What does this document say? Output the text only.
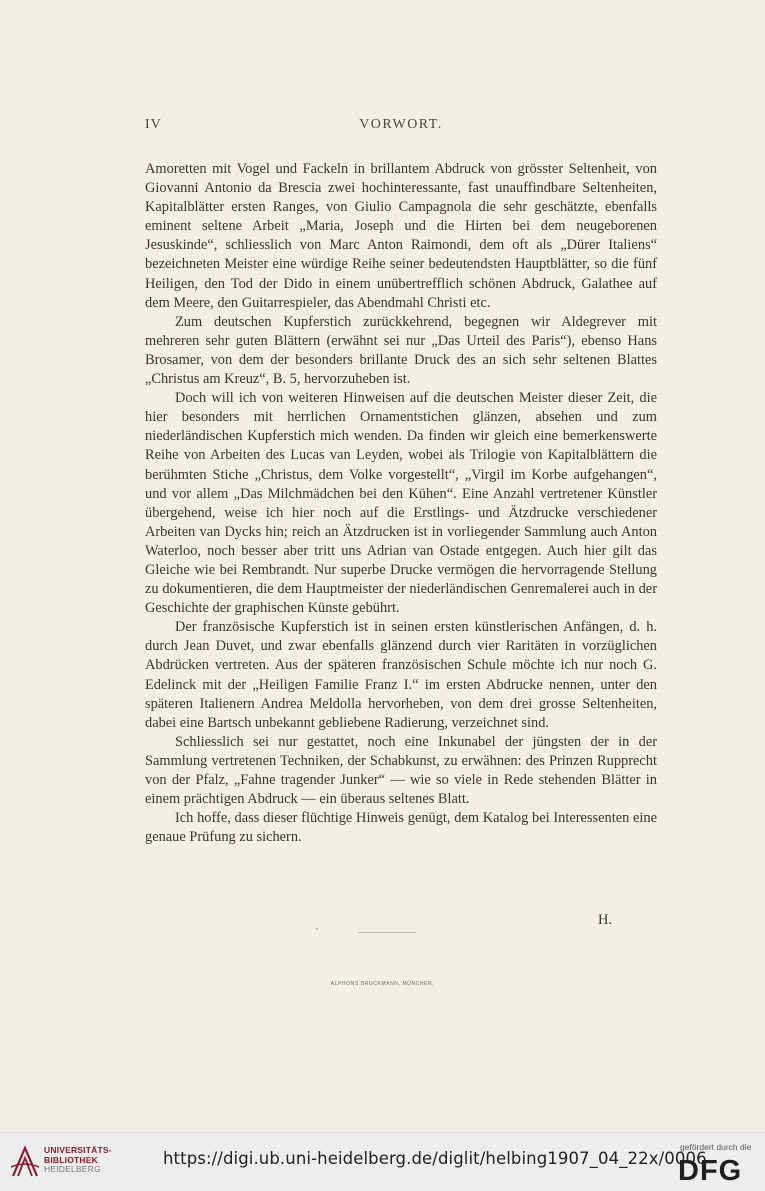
IV	VORWORT.

Amoretten mit Vogel und Fackeln in brillantem Abdruck von grösster Seltenheit, von Giovanni Antonio da Brescia zwei hochinteressante, fast unauffindbare Seltenheiten, Kapitalblätter ersten Ranges, von Giulio Campagnola die sehr geschätzte, ebenfalls eminent seltene Arbeit „Maria, Joseph und die Hirten bei dem neugeborenen Jesuskinde“, schliesslich von Marc Anton Raimondi, dem oft als „Dürer Italiens“ bezeichneten Meister eine würdige Reihe seiner bedeutendsten Hauptblätter, so die fünf Heiligen, den Tod der Dido in einem unübertrefflich schönen Abdruck, Galathee auf dem Meere, den Guitarrespieler, das Abendmahl Christi etc.

Zum deutschen Kupferstich zurückkehrend, begegnen wir Aldegrever mit mehreren sehr guten Blättern (erwähnt sei nur „Das Urteil des Paris“), ebenso Hans Brosamer, von dem der besonders brillante Druck des an sich sehr seltenen Blattes „Christus am Kreuz“, B. 5, hervorzuheben ist.

Doch will ich von weiteren Hinweisen auf die deutschen Meister dieser Zeit, die hier besonders mit herrlichen Ornamentstichen glänzen, absehen und zum niederländischen Kupferstich mich wenden. Da finden wir gleich eine bemerkenswerte Reihe von Arbeiten des Lucas van Leyden, wobei als Trilogie von Kapitalblättern die berühmten Stiche „Christus, dem Volke vorgestellt“, „Virgil im Korbe aufgehangen“, und vor allem „Das Milchmädchen bei den Kühen“. Eine Anzahl vertretener Künstler übergehend, weise ich hier noch auf die Erstlings- und Ätzdrucke verschiedener Arbeiten van Dycks hin; reich an Ätzdrucken ist in vorliegender Sammlung auch Anton Waterloo, noch besser aber tritt uns Adrian van Ostade entgegen. Auch hier gilt das Gleiche wie bei Rembrandt. Nur superbe Drucke vermögen die hervorragende Stellung zu dokumentieren, die dem Hauptmeister der niederländischen Genremalerei auch in der Geschichte der graphischen Künste gebührt.

Der französische Kupferstich ist in seinen ersten künstlerischen Anfängen, d. h. durch Jean Duvet, und zwar ebenfalls glänzend durch vier Raritäten in vorzüglichen Abdrücken vertreten. Aus der späteren französischen Schule möchte ich nur noch G. Edelinck mit der „Heiligen Familie Franz I.“ im ersten Abdrucke nennen, unter den späteren Italienern Andrea Meldolla hervorheben, von dem drei grosse Seltenheiten, dabei eine Bartsch unbekannt gebliebene Radierung, verzeichnet sind.

Schliesslich sei nur gestattet, noch eine Inkunabel der jüngsten der in der Sammlung vertretenen Techniken, der Schabkunst, zu erwähnen: des Prinzen Rupprecht von der Pfalz, „Fahne tragender Junker“ — wie so viele in Rede stehenden Blätter in einem prächtigen Abdruck — ein überaus seltenes Blatt.

Ich hoffe, dass dieser flüchtige Hinweis genügt, dem Katalog bei Interessenten eine genaue Prüfung zu sichern.

H.
ALPHONS BRUCKMANN, MÜNCHEN.
UNIVERSITÄTS-
BIBLIOTHEK
HEIDELBERG
https://digi.ub.uni-heidelberg.de/diglit/helbing1907_04_22x/0006
gefördert durch die
DFG
